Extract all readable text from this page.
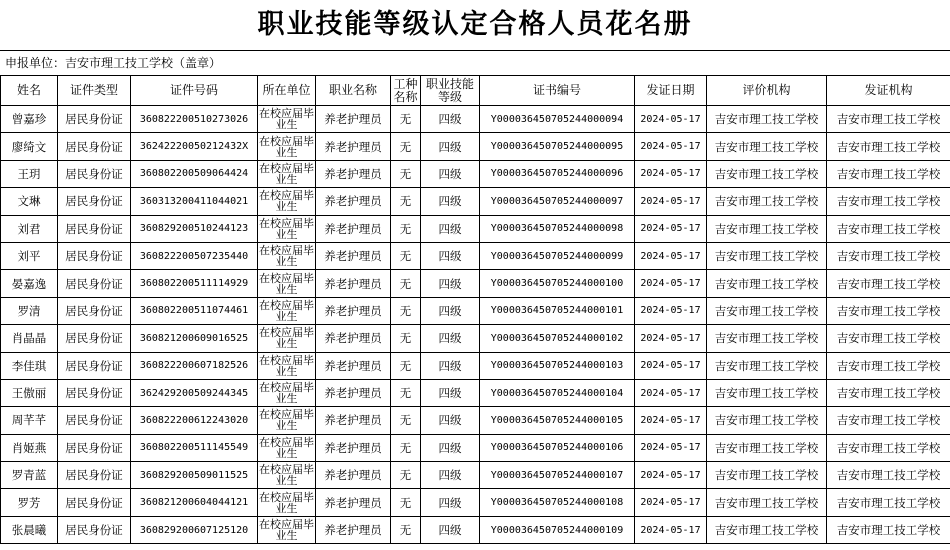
职业技能等级认定合格人员花名册
申报单位：吉安市理工技工学校（盖章）
姓名	证件类型	证件号码	所在单位	职业名称	工种名称	职业技能等级	证书编号	发证日期	评价机构	发证机构
曾嘉珍	居民身份证	360822200510273026	在校应届毕业生	养老护理员	无	四级	Y000036450705244000094	2024-05-17	吉安市理工技工学校	吉安市理工技工学校
廖绮文	居民身份证	36242220050212432X	在校应届毕业生	养老护理员	无	四级	Y000036450705244000095	2024-05-17	吉安市理工技工学校	吉安市理工技工学校
王玥	居民身份证	360802200509064424	在校应届毕业生	养老护理员	无	四级	Y000036450705244000096	2024-05-17	吉安市理工技工学校	吉安市理工技工学校
文琳	居民身份证	360313200411044021	在校应届毕业生	养老护理员	无	四级	Y000036450705244000097	2024-05-17	吉安市理工技工学校	吉安市理工技工学校
刘君	居民身份证	360829200510244123	在校应届毕业生	养老护理员	无	四级	Y000036450705244000098	2024-05-17	吉安市理工技工学校	吉安市理工技工学校
刘平	居民身份证	360822200507235440	在校应届毕业生	养老护理员	无	四级	Y000036450705244000099	2024-05-17	吉安市理工技工学校	吉安市理工技工学校
晏嘉逸	居民身份证	360802200511114929	在校应届毕业生	养老护理员	无	四级	Y000036450705244000100	2024-05-17	吉安市理工技工学校	吉安市理工技工学校
罗清	居民身份证	360802200511074461	在校应届毕业生	养老护理员	无	四级	Y000036450705244000101	2024-05-17	吉安市理工技工学校	吉安市理工技工学校
肖晶晶	居民身份证	360821200609016525	在校应届毕业生	养老护理员	无	四级	Y000036450705244000102	2024-05-17	吉安市理工技工学校	吉安市理工技工学校
李佳琪	居民身份证	360822200607182526	在校应届毕业生	养老护理员	无	四级	Y000036450705244000103	2024-05-17	吉安市理工技工学校	吉安市理工技工学校
王傲丽	居民身份证	362429200509244345	在校应届毕业生	养老护理员	无	四级	Y000036450705244000104	2024-05-17	吉安市理工技工学校	吉安市理工技工学校
周芊芊	居民身份证	360822200612243020	在校应届毕业生	养老护理员	无	四级	Y000036450705244000105	2024-05-17	吉安市理工技工学校	吉安市理工技工学校
肖姬燕	居民身份证	360802200511145549	在校应届毕业生	养老护理员	无	四级	Y000036450705244000106	2024-05-17	吉安市理工技工学校	吉安市理工技工学校
罗青蓝	居民身份证	360829200509011525	在校应届毕业生	养老护理员	无	四级	Y000036450705244000107	2024-05-17	吉安市理工技工学校	吉安市理工技工学校
罗芳	居民身份证	360821200604044121	在校应届毕业生	养老护理员	无	四级	Y000036450705244000108	2024-05-17	吉安市理工技工学校	吉安市理工技工学校
张晨曦	居民身份证	360829200607125120	在校应届毕业生	养老护理员	无	四级	Y000036450705244000109	2024-05-17	吉安市理工技工学校	吉安市理工技工学校
